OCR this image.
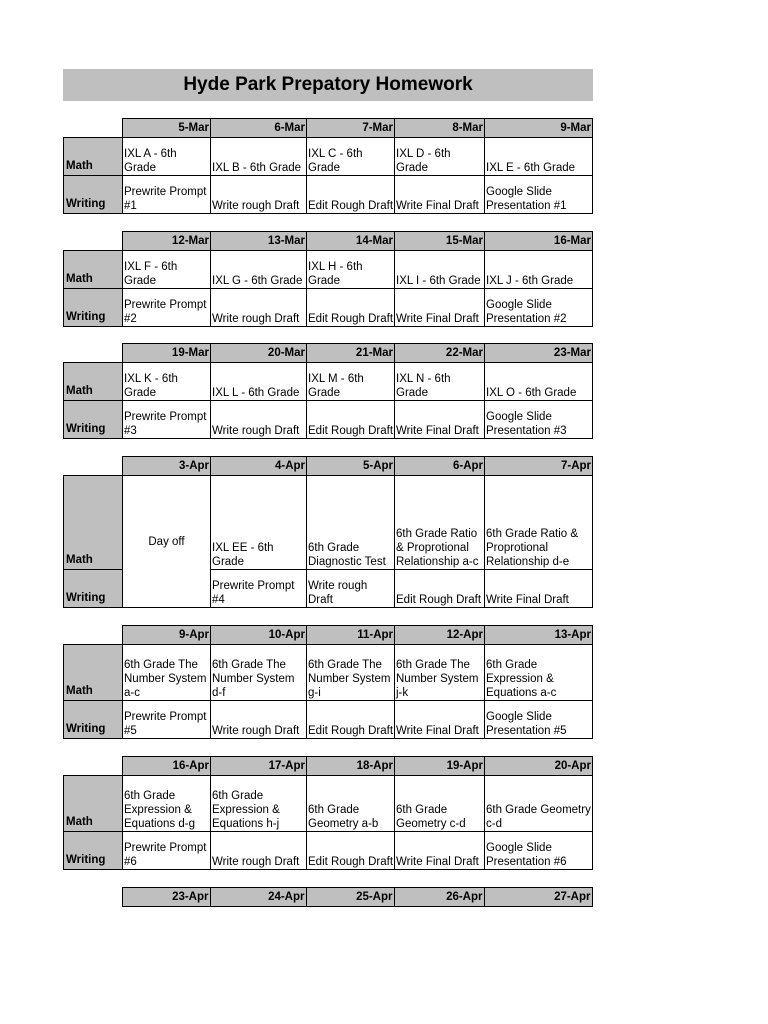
Hyde Park Prepatory Homework
	5-Mar	6-Mar	7-Mar	8-Mar	9-Mar
Math	IXL A - 6th Grade	IXL B - 6th Grade	IXL C - 6th Grade	IXL D - 6th Grade	IXL E - 6th Grade
Writing	Prewrite Prompt #1	Write rough Draft	Edit Rough Draft	Write Final Draft	Google Slide Presentation #1
	12-Mar	13-Mar	14-Mar	15-Mar	16-Mar
Math	IXL F - 6th Grade	IXL G - 6th Grade	IXL H - 6th Grade	IXL I - 6th Grade	IXL J - 6th Grade
Writing	Prewrite Prompt #2	Write rough Draft	Edit Rough Draft	Write Final Draft	Google Slide Presentation #2
	19-Mar	20-Mar	21-Mar	22-Mar	23-Mar
Math	IXL K - 6th Grade	IXL L - 6th Grade	IXL M - 6th Grade	IXL N - 6th Grade	IXL O - 6th Grade
Writing	Prewrite Prompt #3	Write rough Draft	Edit Rough Draft	Write Final Draft	Google Slide Presentation #3
	3-Apr	4-Apr	5-Apr	6-Apr	7-Apr
Math	Day off	IXL EE - 6th Grade	6th Grade Diagnostic Test	6th Grade Ratio & Proprotional Relationship a-c	6th Grade Ratio & Proprotional Relationship d-e
Writing		Prewrite Prompt #4	Write rough Draft	Edit Rough Draft	Write Final Draft
	9-Apr	10-Apr	11-Apr	12-Apr	13-Apr
Math	6th Grade The Number System a-c	6th Grade The Number System d-f	6th Grade The Number System g-i	6th Grade The Number System j-k	6th Grade Expression & Equations a-c
Writing	Prewrite Prompt #5	Write rough Draft	Edit Rough Draft	Write Final Draft	Google Slide Presentation #5
	16-Apr	17-Apr	18-Apr	19-Apr	20-Apr
Math	6th Grade Expression & Equations d-g	6th Grade Expression & Equations h-j	6th Grade Geometry a-b	6th Grade Geometry c-d	6th Grade Geometry c-d
Writing	Prewrite Prompt #6	Write rough Draft	Edit Rough Draft	Write Final Draft	Google Slide Presentation #6
	23-Apr	24-Apr	25-Apr	26-Apr	27-Apr
